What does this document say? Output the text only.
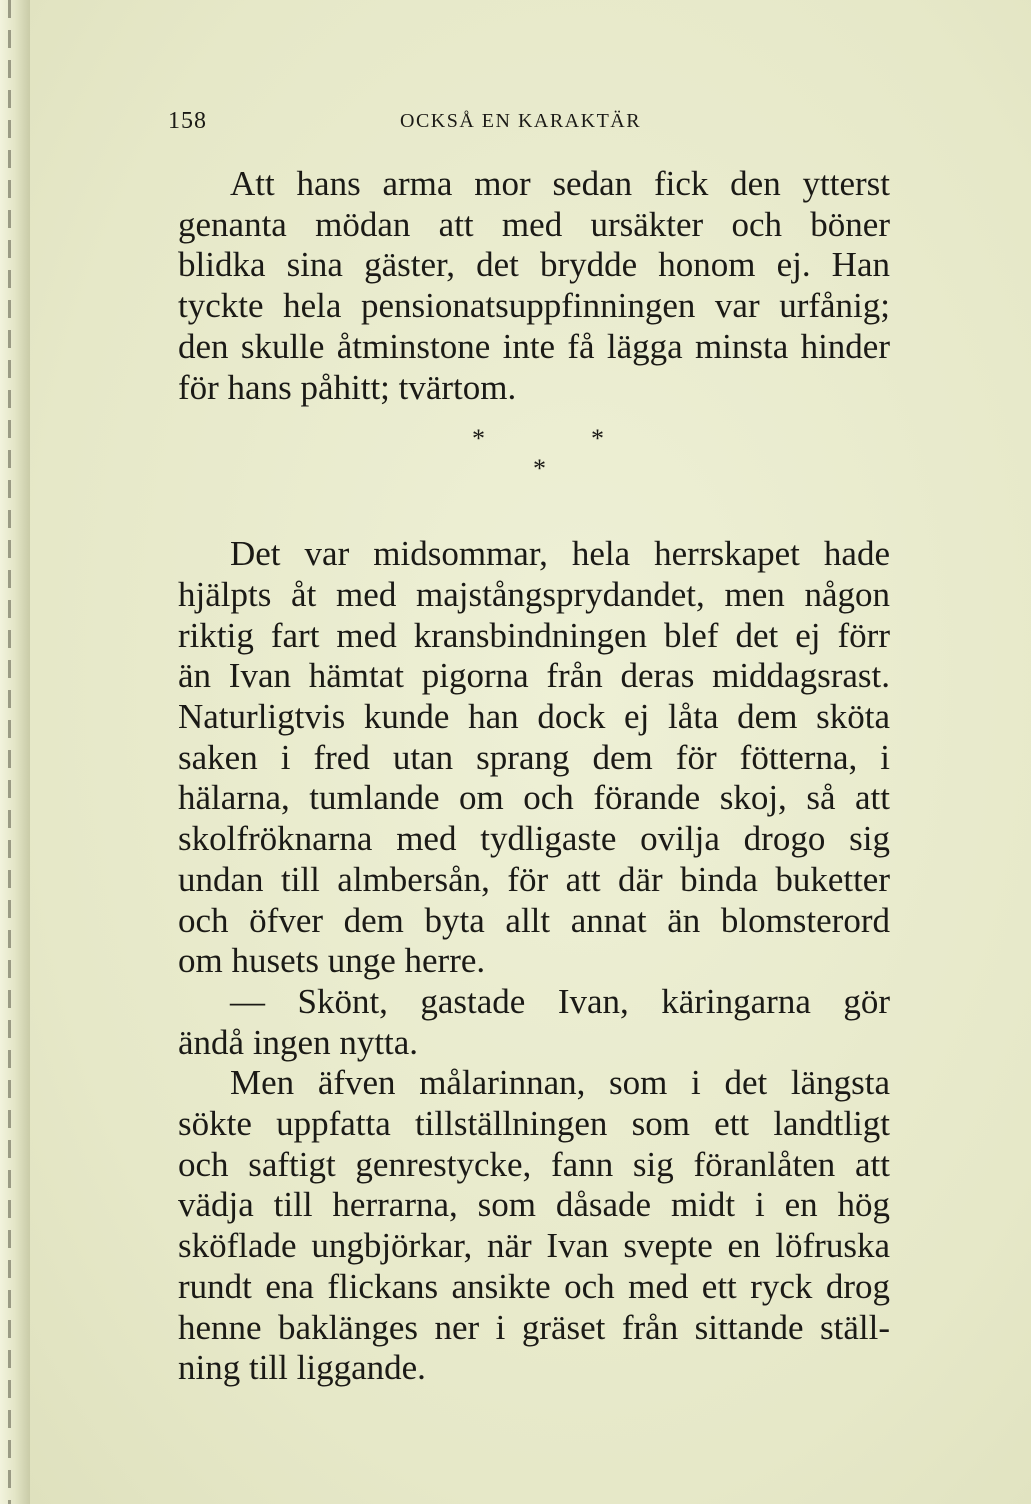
158	OCKSÅ EN KARAKTÄR
Att hans arma mor sedan fick den ytterst
genanta mödan att med ursäkter och böner
blidka sina gäster, det brydde honom ej. Han
tyckte hela pensionatsuppfinningen var urfånig;
den skulle åtminstone inte få lägga minsta hinder
för hans påhitt; tvärtom.
*	*
*
Det var midsommar, hela herrskapet hade
hjälpts åt med majstångsprydandet, men någon
riktig fart med kransbindningen blef det ej förr
än Ivan hämtat pigorna från deras middagsrast.
Naturligtvis kunde han dock ej låta dem sköta
saken i fred utan sprang dem för fötterna, i
hälarna, tumlande om och förande skoj, så att
skolfröknarna med tydligaste ovilja drogo sig
undan till almbersån, för att där binda buketter
och öfver dem byta allt annat än blomsterord
om husets unge herre.
— Skönt, gastade Ivan, käringarna gör
ändå ingen nytta.
Men äfven målarinnan, som i det längsta
sökte uppfatta tillställningen som ett landtligt
och saftigt genrestycke, fann sig föranlåten att
vädja till herrarna, som dåsade midt i en hög
sköflade ungbjörkar, när Ivan svepte en löfruska
rundt ena flickans ansikte och med ett ryck drog
henne baklänges ner i gräset från sittande ställ-
ning till liggande.
